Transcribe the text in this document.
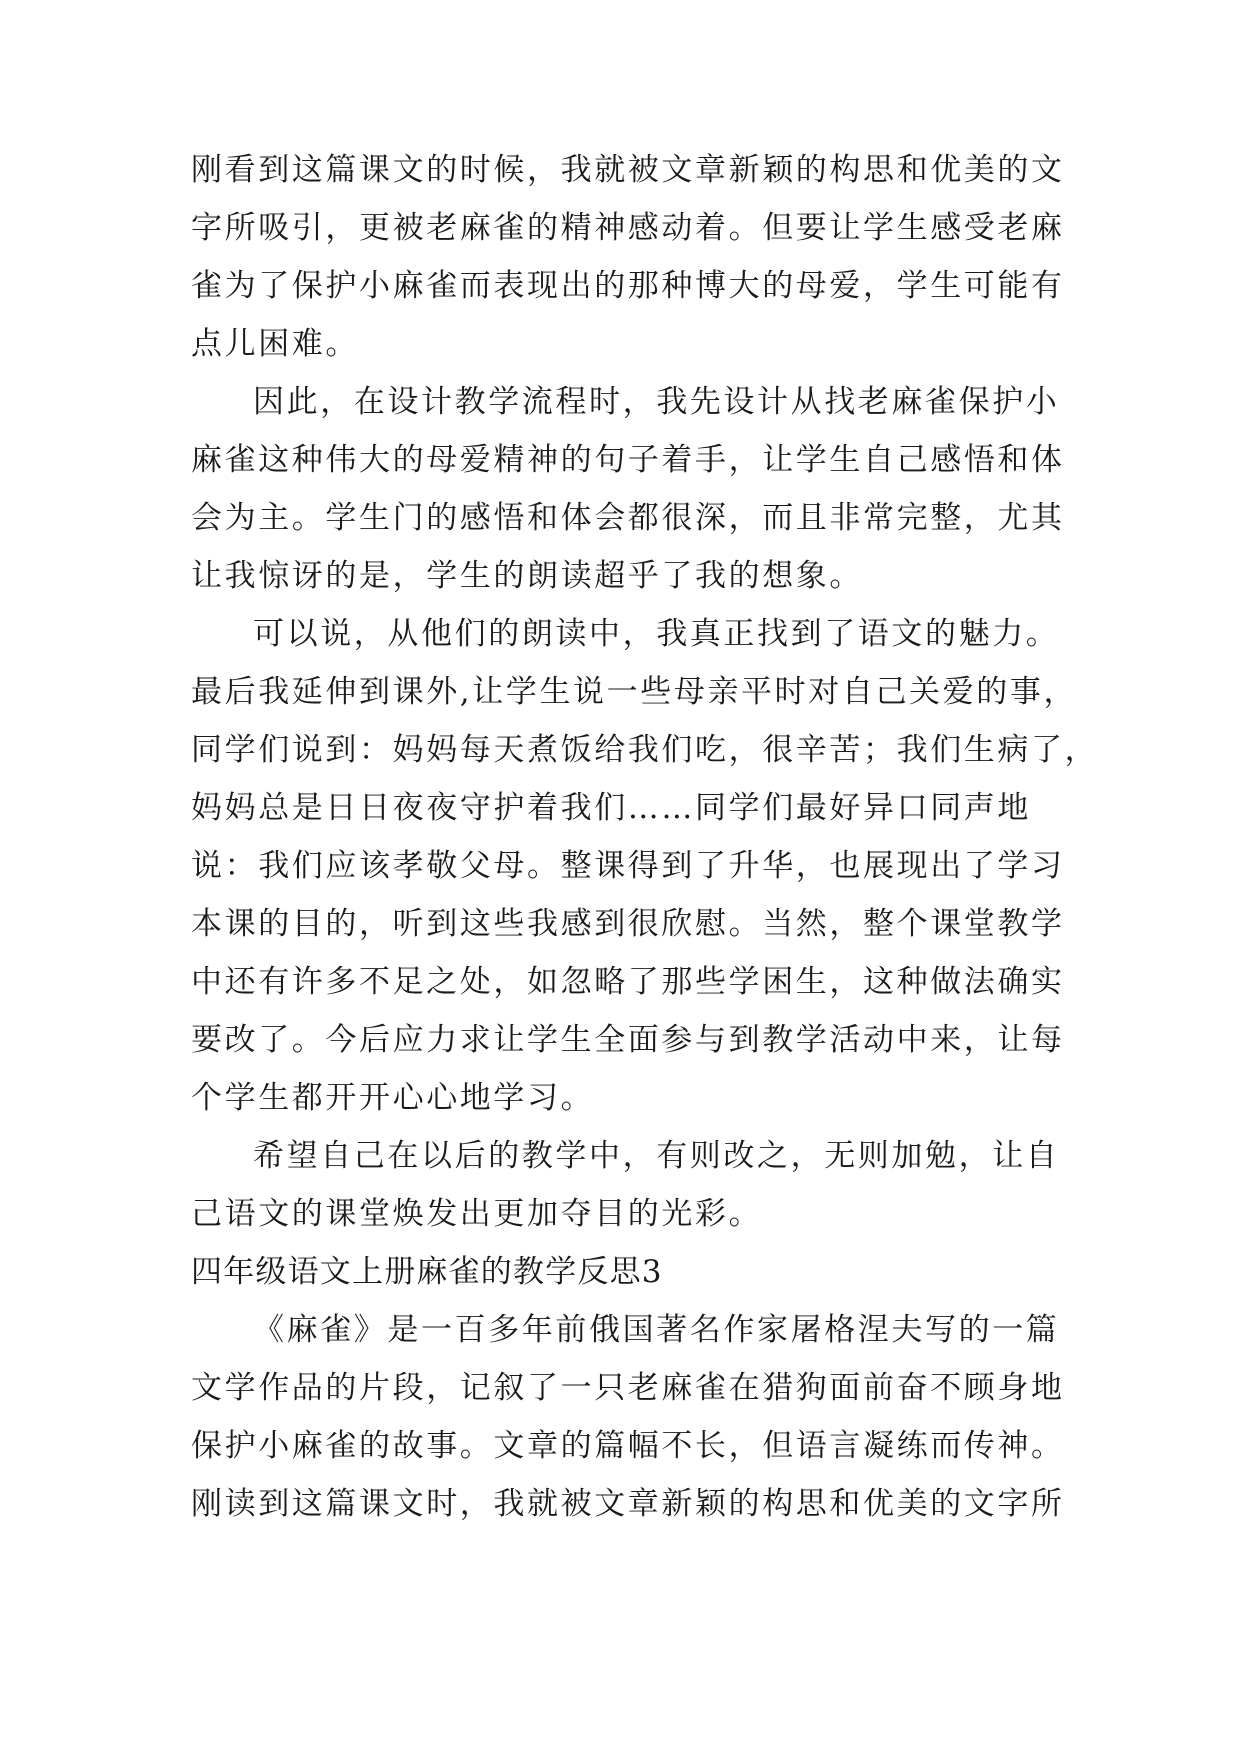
刚看到这篇课文的时候，我就被文章新颖的构思和优美的文
字所吸引，更被老麻雀的精神感动着。但要让学生感受老麻
雀为了保护小麻雀而表现出的那种博大的母爱，学生可能有
点儿困难。
因此，在设计教学流程时，我先设计从找老麻雀保护小
麻雀这种伟大的母爱精神的句子着手，让学生自己感悟和体
会为主。学生门的感悟和体会都很深，而且非常完整，尤其
让我惊讶的是，学生的朗读超乎了我的想象。
可以说，从他们的朗读中，我真正找到了语文的魅力。
最后我延伸到课外,让学生说一些母亲平时对自己关爱的事，
同学们说到：妈妈每天煮饭给我们吃，很辛苦；我们生病了，
妈妈总是日日夜夜守护着我们……同学们最好异口同声地
说：我们应该孝敬父母。整课得到了升华，也展现出了学习
本课的目的，听到这些我感到很欣慰。当然，整个课堂教学
中还有许多不足之处，如忽略了那些学困生，这种做法确实
要改了。今后应力求让学生全面参与到教学活动中来，让每
个学生都开开心心地学习。
希望自己在以后的教学中，有则改之，无则加勉，让自
己语文的课堂焕发出更加夺目的光彩。
四年级语文上册麻雀的教学反思3
《麻雀》是一百多年前俄国著名作家屠格涅夫写的一篇
文学作品的片段，记叙了一只老麻雀在猎狗面前奋不顾身地
保护小麻雀的故事。文章的篇幅不长，但语言凝练而传神。
刚读到这篇课文时，我就被文章新颖的构思和优美的文字所
